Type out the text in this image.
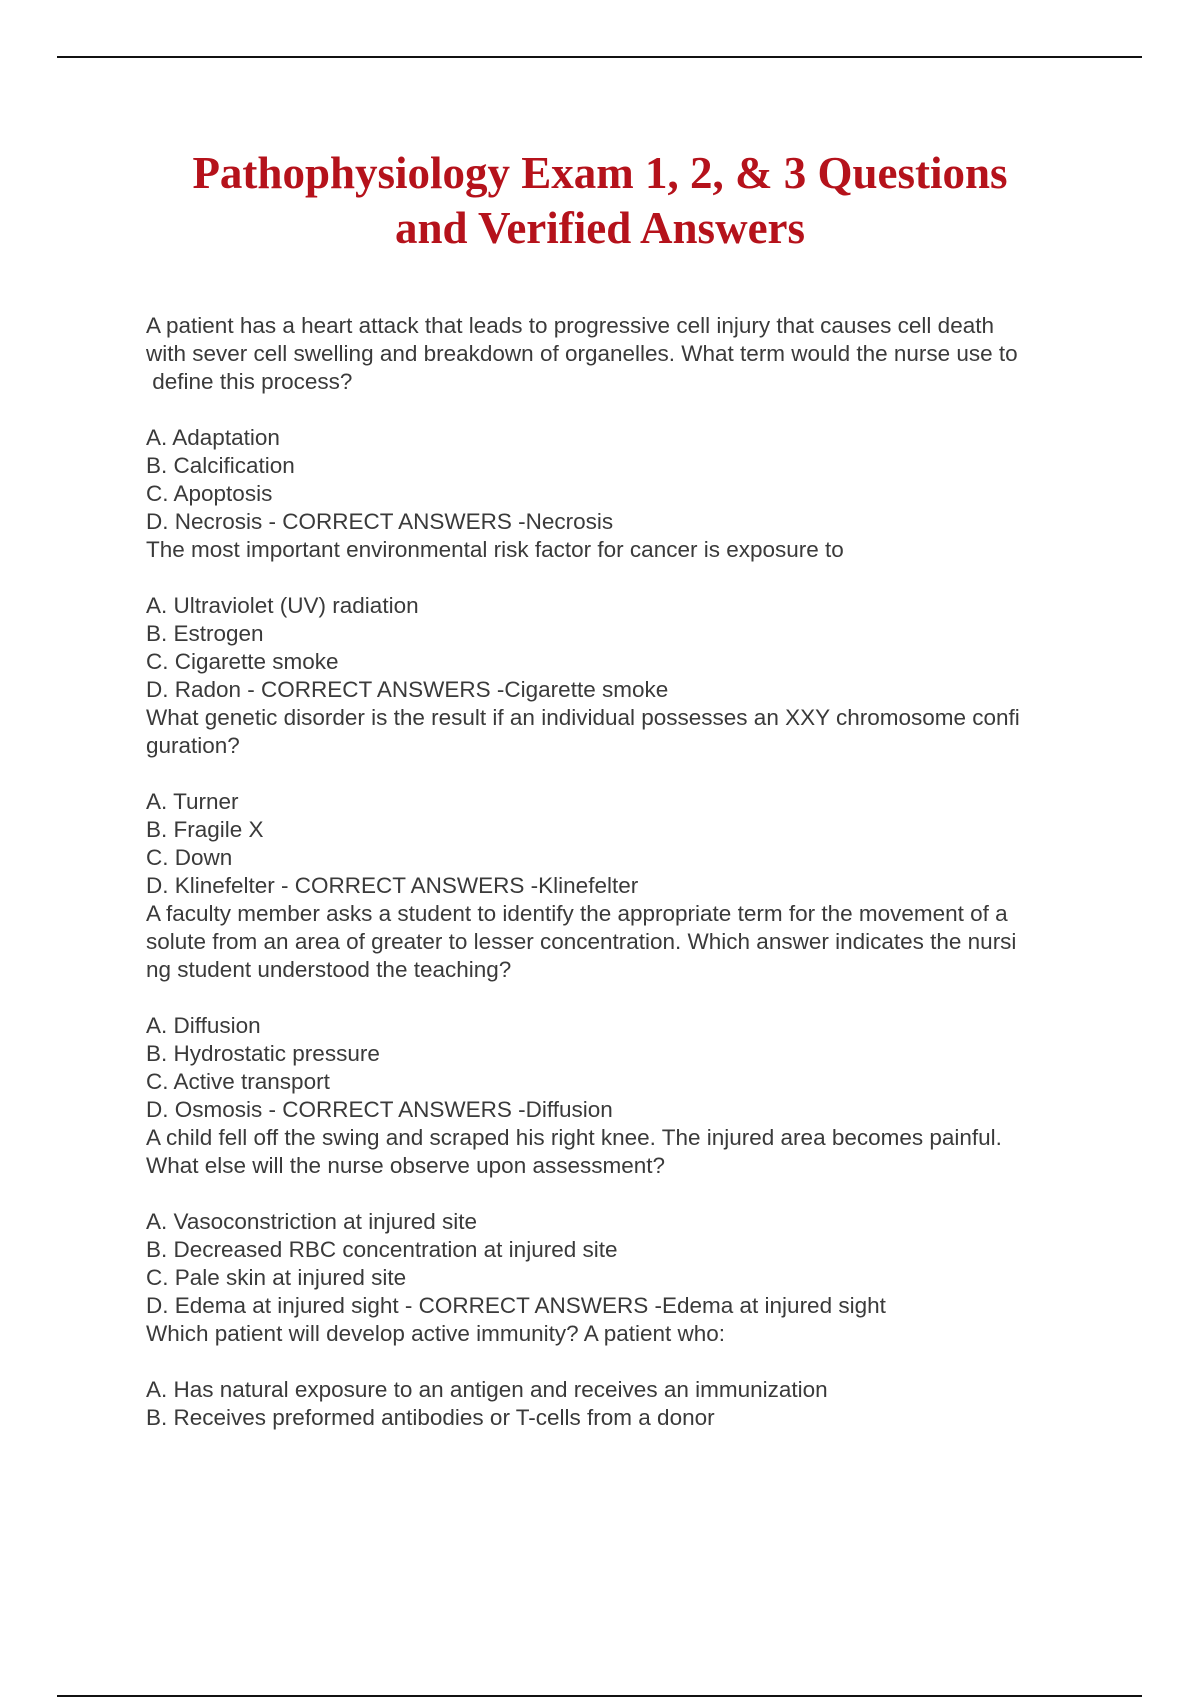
Pathophysiology Exam 1, 2, & 3 Questions
and Verified Answers
A patient has a heart attack that leads to progressive cell injury that causes cell death
with sever cell swelling and breakdown of organelles. What term would the nurse use to
define this process?
A. Adaptation
B. Calcification
C. Apoptosis
D. Necrosis - CORRECT ANSWERS -Necrosis
The most important environmental risk factor for cancer is exposure to
A. Ultraviolet (UV) radiation
B. Estrogen
C. Cigarette smoke
D. Radon - CORRECT ANSWERS -Cigarette smoke
What genetic disorder is the result if an individual possesses an XXY chromosome confi
guration?
A. Turner
B. Fragile X
C. Down
D. Klinefelter - CORRECT ANSWERS -Klinefelter
A faculty member asks a student to identify the appropriate term for the movement of a
solute from an area of greater to lesser concentration. Which answer indicates the nursi
ng student understood the teaching?
A. Diffusion
B. Hydrostatic pressure
C. Active transport
D. Osmosis - CORRECT ANSWERS -Diffusion
A child fell off the swing and scraped his right knee. The injured area becomes painful.
What else will the nurse observe upon assessment?
A. Vasoconstriction at injured site
B. Decreased RBC concentration at injured site
C. Pale skin at injured site
D. Edema at injured sight - CORRECT ANSWERS -Edema at injured sight
Which patient will develop active immunity? A patient who:
A. Has natural exposure to an antigen and receives an immunization
B. Receives preformed antibodies or T-cells from a donor
